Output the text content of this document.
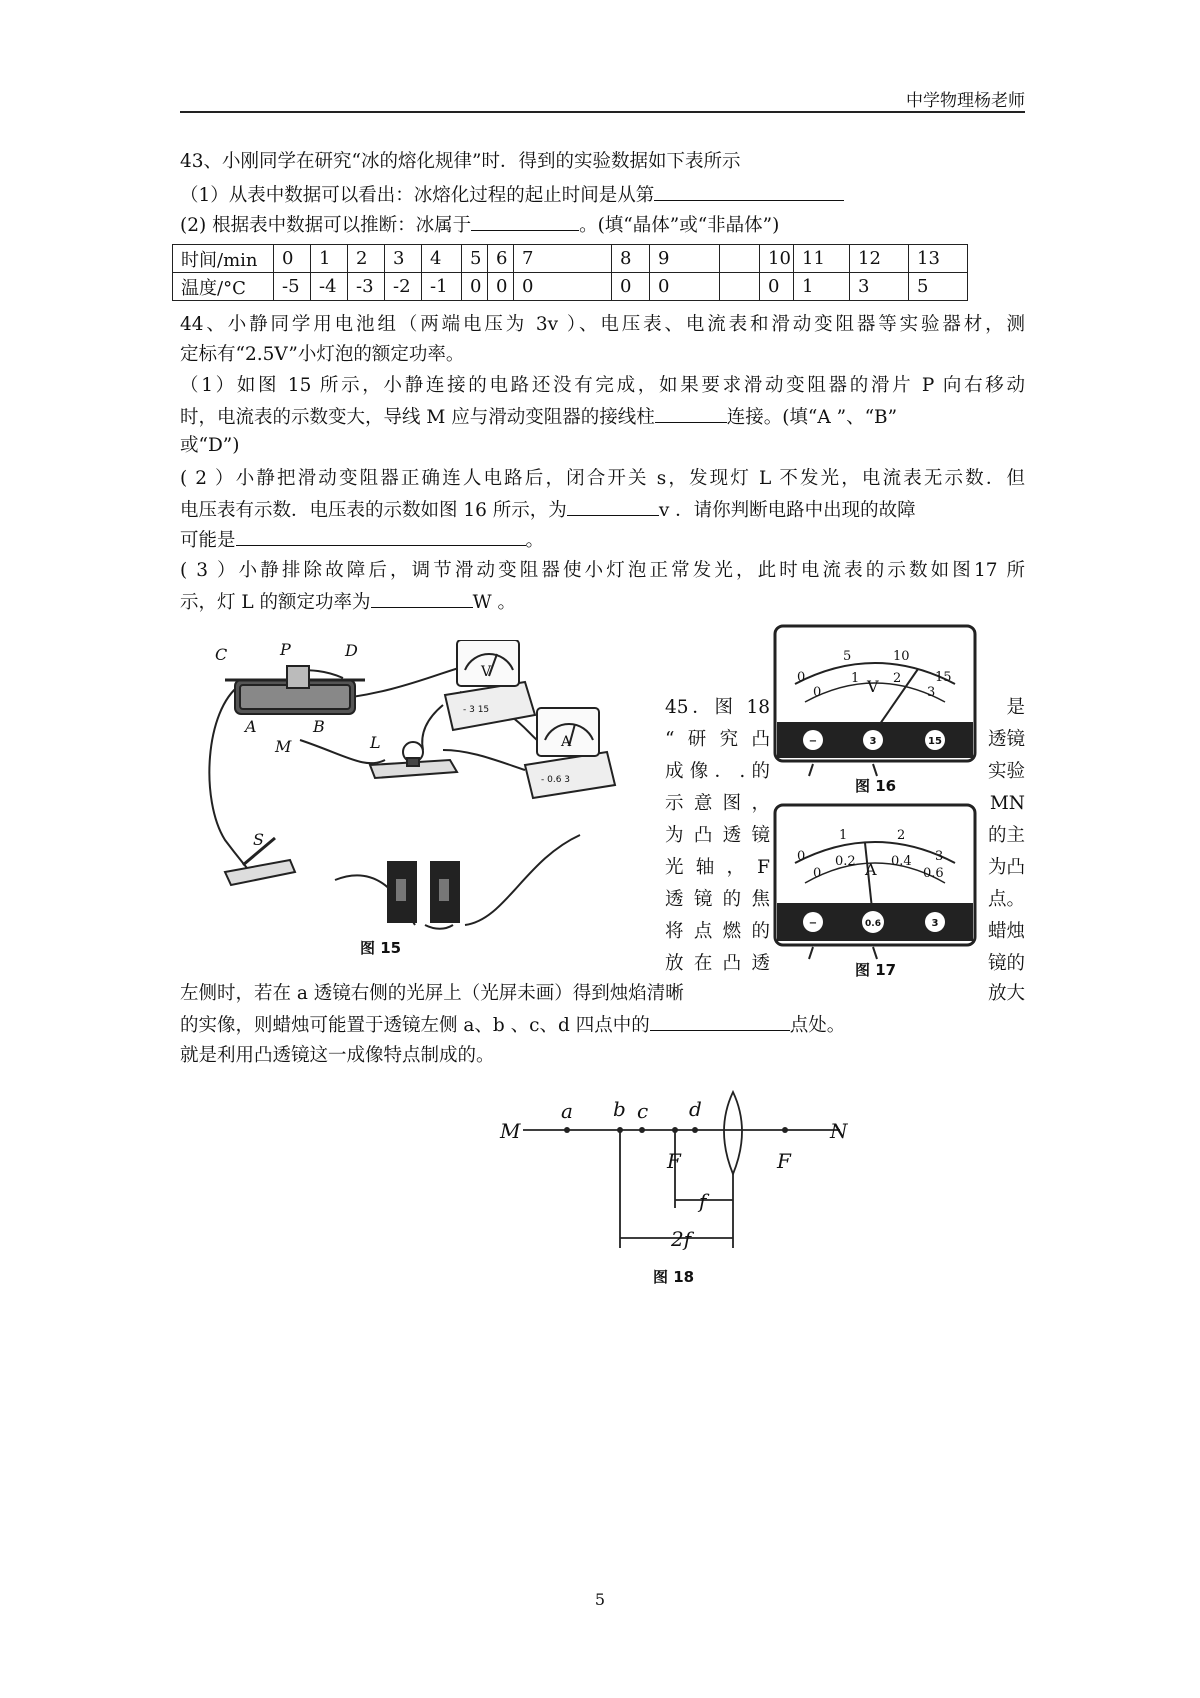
中学物理杨老师
43、小刚同学在研究“冰的熔化规律”时．得到的实验数据如下表所示
（1）从表中数据可以看出：冰熔化过程的起止时间是从第
(2) 根据表中数据可以推断：冰属于	。(填“晶体”或“非晶体”)
时间/min	0	1	2	3	4	5	6	7	8	9		10	11	12	13
温度/°C	-5	-4	-3	-2	-1	0	0	0	0	0		0	1	3	5
44、小静同学用电池组（两端电压为 3v ）、电压表、电流表和滑动变阻器等实验器材，测
定标有“2.5V”小灯泡的额定功率。
（1）如图 15 所示，小静连接的电路还没有完成，如果要求滑动变阻器的滑片 P 向右移动
时，电流表的示数变大，导线 M 应与滑动变阻器的接线柱	连接。(填“A ”、“B”
或“D”)
( 2 ）小静把滑动变阻器正确连人电路后，闭合开关 s，发现灯 L 不发光，电流表无示数．但
电压表有示数．电压表的示数如图 16 所示，为	v ．请你判断电路中出现的故障
可能是	。
( 3 ）小静排除故障后，调节滑动变阻器使小灯泡正常发光，此时电流表的示数如图17 所
示，灯 L 的额定功率为	W 。
C	P	D
A	B
M	L
S
V
- 3 15
A
- 0.6 3
图 15
0
5	10
15
0
1	2
3
V
−	3	15
图 16
0
1	2
3
0
0.2	0.4
0.6
A
−	0.6	3
图 17
45．图 18
“研究凸
成像．.的
示意图，
为凸透镜
光 轴 ， F
透镜的焦
将点燃的
放在凸透
是
透镜
实验
MN
的主
为凸
点。
蜡烛
镜的
左侧时，若在 a 透镜右侧的光屏上（光屏未画）得到烛焰清晰	放大
的实像，则蜡烛可能置于透镜左侧 a、b 、c、d 四点中的	点处。
就是利用凸透镜这一成像特点制成的。
M	N
a b c d
F	F
f
2f
图 18
5
